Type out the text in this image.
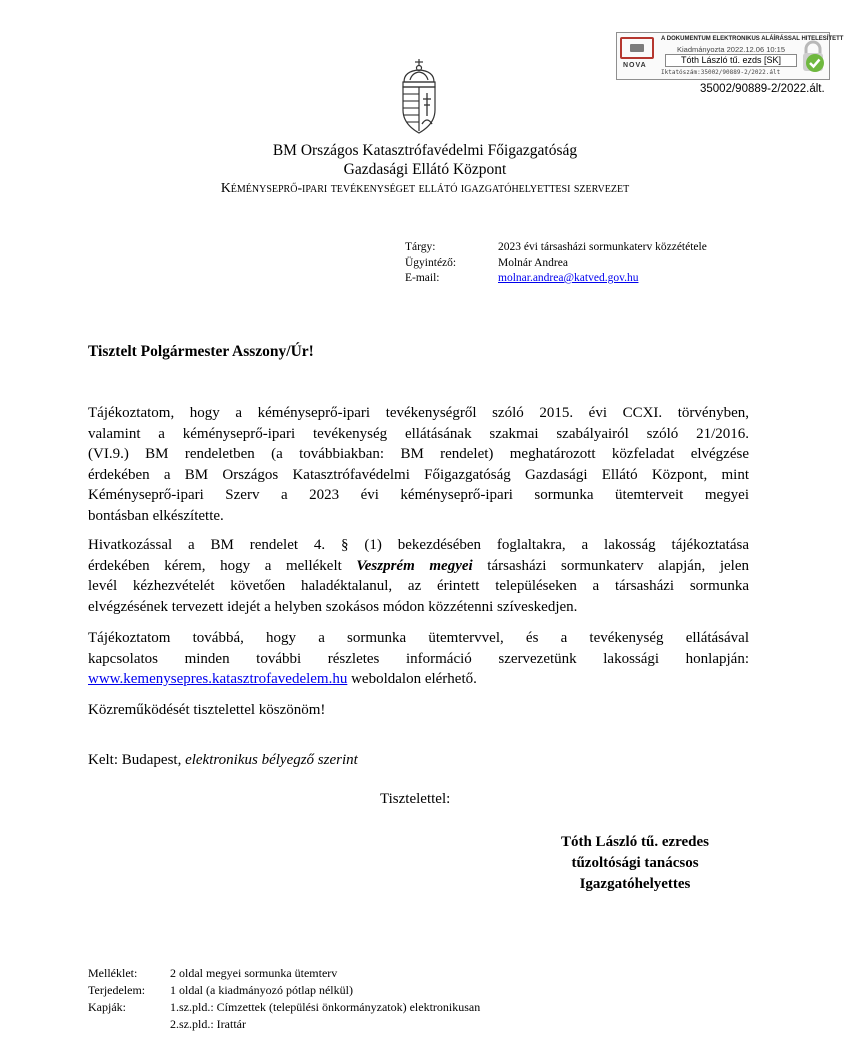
NOVA
A DOKUMENTUM ELEKTRONIKUS ALÁÍRÁSSAL HITELESÍTETT
Kiadmányozta 2022.12.06 10:15
Tóth László tű. ezds [SK]
Iktatószám:35002/90889-2/2022.ált
35002/90889-2/2022.ált.
BM Országos Katasztrófavédelmi Főigazgatóság
Gazdasági Ellátó Központ
Kéményseprő-ipari tevékenységet ellátó igazgatóhelyettesi szervezet
Tárgy:	2023 évi társasházi sormunkaterv közzététele
Ügyintéző:	Molnár Andrea
E-mail:	molnar.andrea@katved.gov.hu
Tisztelt Polgármester Asszony/Úr!
Tájékoztatom, hogy a kéményseprő-ipari tevékenységről szóló 2015. évi CCXI. törvényben,
valamint a kéményseprő-ipari tevékenység ellátásának szakmai szabályairól szóló 21/2016.
(VI.9.) BM rendeletben (a továbbiakban: BM rendelet) meghatározott közfeladat elvégzése
érdekében a BM Országos Katasztrófavédelmi Főigazgatóság Gazdasági Ellátó Központ, mint
Kéményseprő-ipari Szerv a 2023 évi kéményseprő-ipari sormunka ütemterveit megyei
bontásban elkészítette.
Hivatkozással a BM rendelet 4. § (1) bekezdésében foglaltakra, a lakosság tájékoztatása
érdekében kérem, hogy a mellékelt Veszprém megyei társasházi sormunkaterv alapján, jelen
levél kézhezvételét követően haladéktalanul, az érintett településeken a társasházi sormunka
elvégzésének tervezett idejét a helyben szokásos módon közzétenni szíveskedjen.
Tájékoztatom továbbá, hogy a sormunka ütemtervvel, és a tevékenység ellátásával
kapcsolatos minden további részletes információ szervezetünk lakossági honlapján:
www.kemenysepres.katasztrofavedelem.hu weboldalon elérhető.
Közreműködését tisztelettel köszönöm!
Kelt: Budapest, elektronikus bélyegző szerint
Tisztelettel:
Tóth László tű. ezredes
tűzoltósági tanácsos
Igazgatóhelyettes
Melléklet:	2 oldal megyei sormunka ütemterv
Terjedelem: 1 oldal (a kiadmányozó pótlap nélkül)
Kapják:	1.sz.pld.: Címzettek (települési önkormányzatok) elektronikusan
2.sz.pld.: Irattár
